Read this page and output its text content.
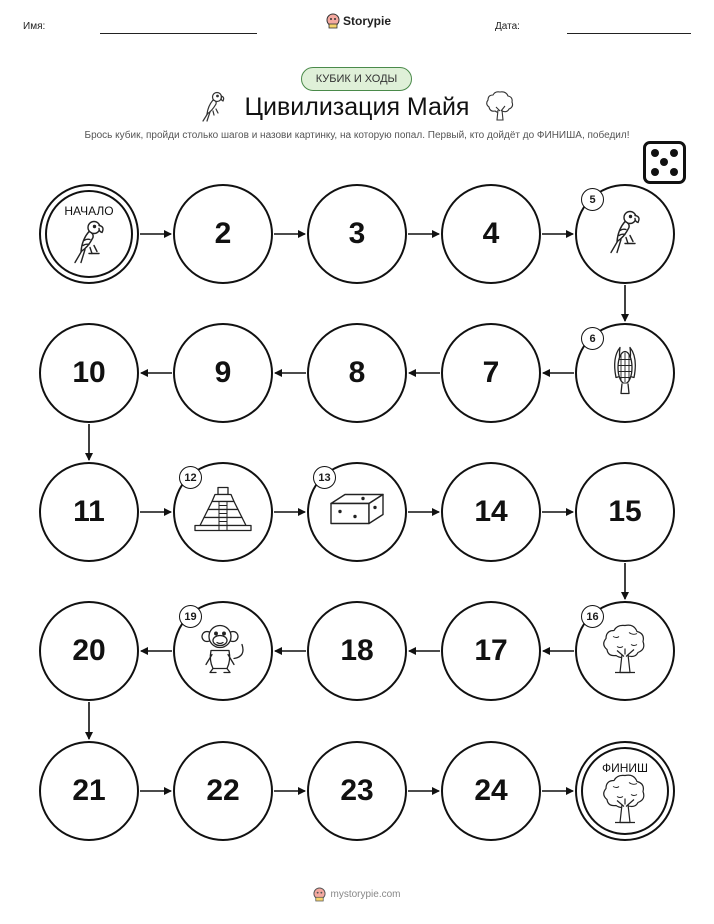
Имя:	Storypie	Дата:
КУБИК И ХОДЫ
Цивилизация Майя
Брось кубик, пройди столько шагов и назови картинку, на которую попал. Первый, кто дойдёт до ФИНИША, победил!
НАЧАЛО
2	3	4
5
6
7
8
9
10
11
12	13
14	15
16
17
18
19
20
21	22	23	24
ФИНИШ
mystorypie.com
